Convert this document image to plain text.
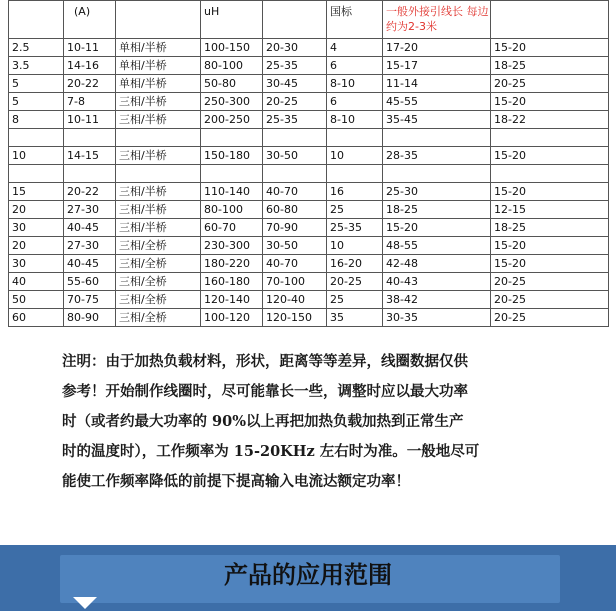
	(A)		uH		国标	一般外接引线长 每边约为2-3米	
2.5	10-11	单相/半桥	100-150	20-30	4	17-20	15-20
3.5	14-16	单相/半桥	80-100	25-35	6	15-17	18-25
5	20-22	单相/半桥	50-80	30-45	8-10	11-14	20-25
5	7-8	三相/半桥	250-300	20-25	6	45-55	15-20
8	10-11	三相/半桥	200-250	25-35	8-10	35-45	18-22

10	14-15	三相/半桥	150-180	30-50	10	28-35	15-20

15	20-22	三相/半桥	110-140	40-70	16	25-30	15-20
20	27-30	三相/半桥	80-100	60-80	25	18-25	12-15
30	40-45	三相/半桥	60-70	70-90	25-35	15-20	18-25
20	27-30	三相/全桥	230-300	30-50	10	48-55	15-20
30	40-45	三相/全桥	180-220	40-70	16-20	42-48	15-20
40	55-60	三相/全桥	160-180	70-100	20-25	40-43	20-25
50	70-75	三相/全桥	120-140	120-40	25	38-42	20-25
60	80-90	三相/全桥	100-120	120-150	35	30-35	20-25

注明：由于加热负载材料，形状，距离等等差异，线圈数据仅供

参考！开始制作线圈时，尽可能靠长一些，调整时应以最大功率

时（或者约最大功率的 90%以上再把加热负载加热到正常生产

时的温度时），工作频率为 15-20KHz 左右时为准。一般地尽可

能使工作频率降低的前提下提高输入电流达额定功率！

产品的应用范围
